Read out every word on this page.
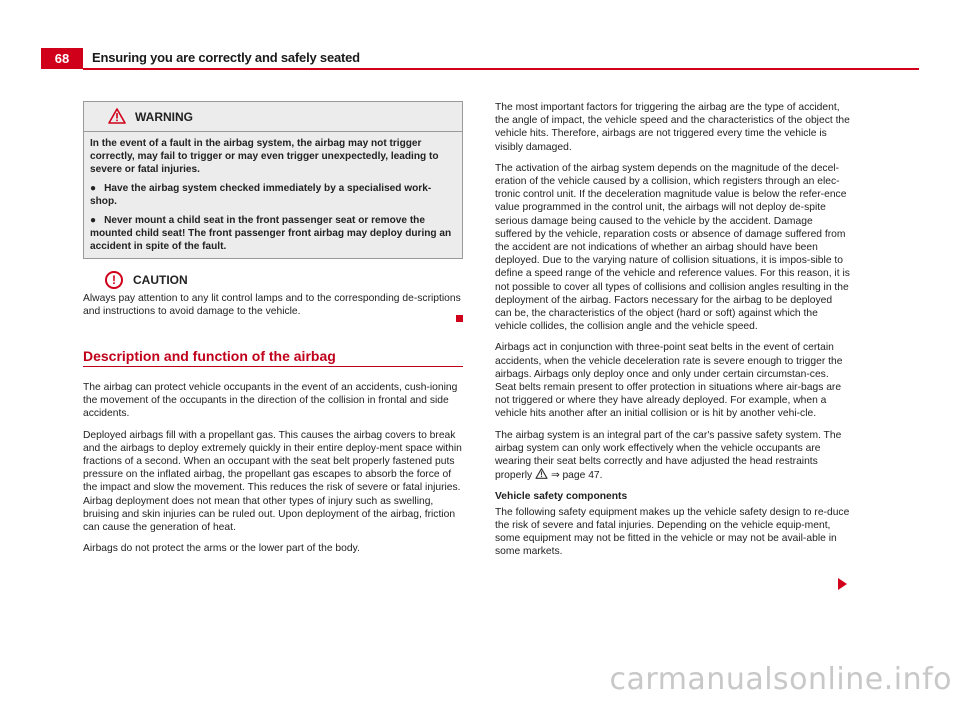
68	Ensuring you are correctly and safely seated
WARNING

In the event of a fault in the airbag system, the airbag may not trigger correctly, may fail to trigger or may even trigger unexpectedly, leading to severe or fatal injuries.

● Have the airbag system checked immediately by a specialised work-shop.

● Never mount a child seat in the front passenger seat or remove the mounted child seat! The front passenger front airbag may deploy during an accident in spite of the fault.

!	CAUTION

Always pay attention to any lit control lamps and to the corresponding de-scriptions and instructions to avoid damage to the vehicle.

Description and function of the airbag

The airbag can protect vehicle occupants in the event of an accidents, cush-ioning the movement of the occupants in the direction of the collision in frontal and side accidents.

Deployed airbags fill with a propellant gas. This causes the airbag covers to break and the airbags to deploy extremely quickly in their entire deploy-ment space within fractions of a second. When an occupant with the seat belt properly fastened puts pressure on the inflated airbag, the propellant gas escapes to absorb the force of the impact and slow the movement. This reduces the risk of severe or fatal injuries. Airbag deployment does not mean that other types of injury such as swelling, bruising and skin injuries can be ruled out. Upon deployment of the airbag, friction can cause the generation of heat.

Airbags do not protect the arms or the lower part of the body.

The most important factors for triggering the airbag are the type of accident, the angle of impact, the vehicle speed and the characteristics of the object the vehicle hits. Therefore, airbags are not triggered every time the vehicle is visibly damaged.

The activation of the airbag system depends on the magnitude of the decel-eration of the vehicle caused by a collision, which registers through an elec-tronic control unit. If the deceleration magnitude value is below the refer-ence value programmed in the control unit, the airbags will not deploy de-spite serious damage being caused to the vehicle by the accident. Damage suffered by the vehicle, reparation costs or absence of damage suffered from the accident are not indications of whether an airbag should have been deployed. Due to the varying nature of collision situations, it is impos-sible to define a speed range of the vehicle and reference values. For this reason, it is not possible to cover all types of collisions and collision angles resulting in the deployment of the airbag. Factors necessary for the airbag to be deployed can be, the characteristics of the object (hard or soft) against which the vehicle collides, the collision angle and the vehicle speed.

Airbags act in conjunction with three-point seat belts in the event of certain accidents, when the vehicle deceleration rate is severe enough to trigger the airbags. Airbags only deploy once and only under certain circumstan-ces. Seat belts remain present to offer protection in situations where air-bags are not triggered or where they have already deployed. For example, when a vehicle hits another after an initial collision or is hit by another vehi-cle.

The airbag system is an integral part of the car's passive safety system. The airbag system can only work effectively when the vehicle occupants are wearing their seat belts correctly and have adjusted the head restraints properly ⇒ page 47.

Vehicle safety components

The following safety equipment makes up the vehicle safety design to re-duce the risk of severe and fatal injuries. Depending on the vehicle equip-ment, some equipment may not be fitted in the vehicle or may not be avail-able in some markets.

carmanualsonline.info
